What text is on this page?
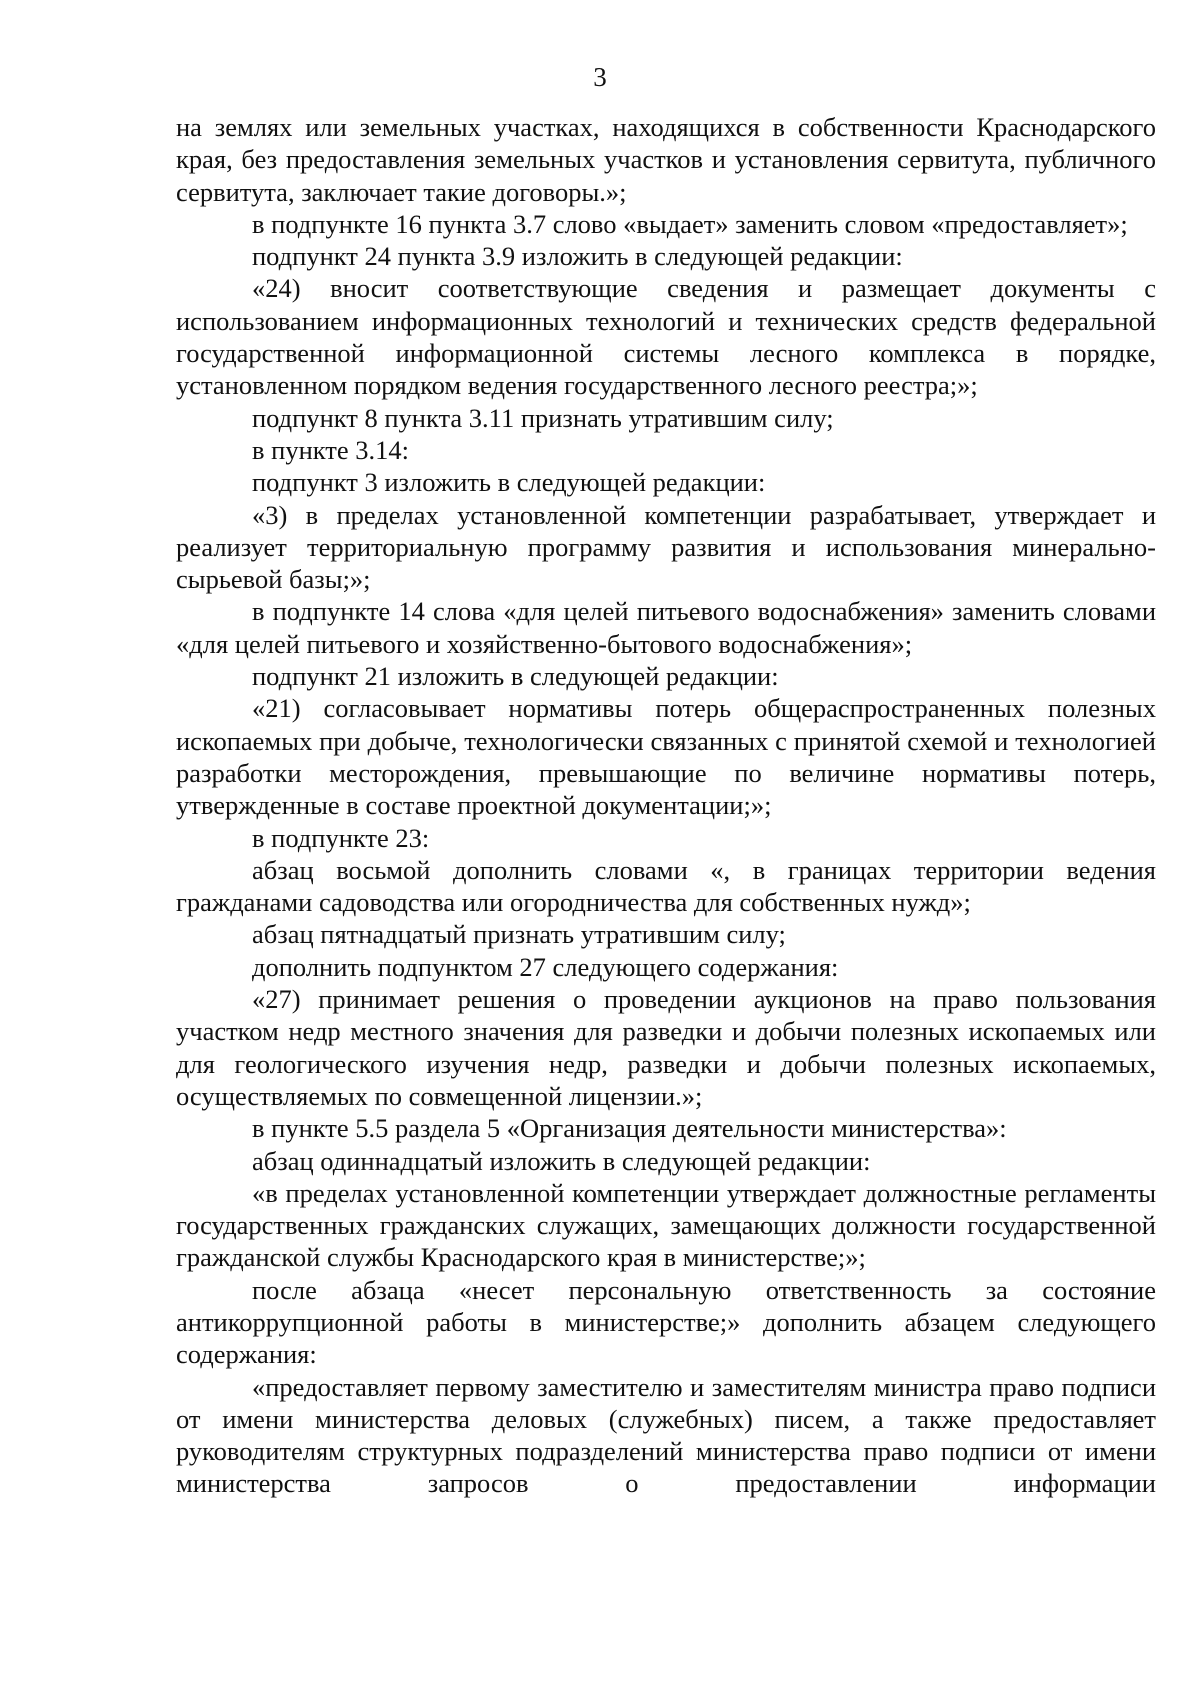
3

на землях или земельных участках, находящихся в собственности Краснодарского края, без предоставления земельных участков и установления сервитута, публичного сервитута, заключает такие договоры.»;

в подпункте 16 пункта 3.7 слово «выдает» заменить словом «предоставляет»;

подпункт 24 пункта 3.9 изложить в следующей редакции:

«24) вносит соответствующие сведения и размещает документы с использованием информационных технологий и технических средств федеральной государственной информационной системы лесного комплекса в порядке, установленном порядком ведения государственного лесного реестра;»;

подпункт 8 пункта 3.11 признать утратившим силу;

в пункте 3.14:

подпункт 3 изложить в следующей редакции:

«3) в пределах установленной компетенции разрабатывает, утверждает и реализует территориальную программу развития и использования минерально-сырьевой базы;»;

в подпункте 14 слова «для целей питьевого водоснабжения» заменить словами «для целей питьевого и хозяйственно-бытового водоснабжения»;

подпункт 21 изложить в следующей редакции:

«21) согласовывает нормативы потерь общераспространенных полезных ископаемых при добыче, технологически связанных с принятой схемой и технологией разработки месторождения, превышающие по величине нормативы потерь, утвержденные в составе проектной документации;»;

в подпункте 23:

абзац восьмой дополнить словами «, в границах территории ведения гражданами садоводства или огородничества для собственных нужд»;

абзац пятнадцатый признать утратившим силу;

дополнить подпунктом 27 следующего содержания:

«27) принимает решения о проведении аукционов на право пользования участком недр местного значения для разведки и добычи полезных ископаемых или для геологического изучения недр, разведки и добычи полезных ископаемых, осуществляемых по совмещенной лицензии.»;

в пункте 5.5 раздела 5 «Организация деятельности министерства»:

абзац одиннадцатый изложить в следующей редакции:

«в пределах установленной компетенции утверждает должностные регламенты государственных гражданских служащих, замещающих должности государственной гражданской службы Краснодарского края в министерстве;»;

после абзаца «несет персональную ответственность за состояние антикоррупционной работы в министерстве;» дополнить абзацем следующего содержания:

«предоставляет первому заместителю и заместителям министра право подписи от имени министерства деловых (служебных) писем, а также предоставляет руководителям структурных подразделений министерства право подписи от имени министерства запросов о предоставлении информации
